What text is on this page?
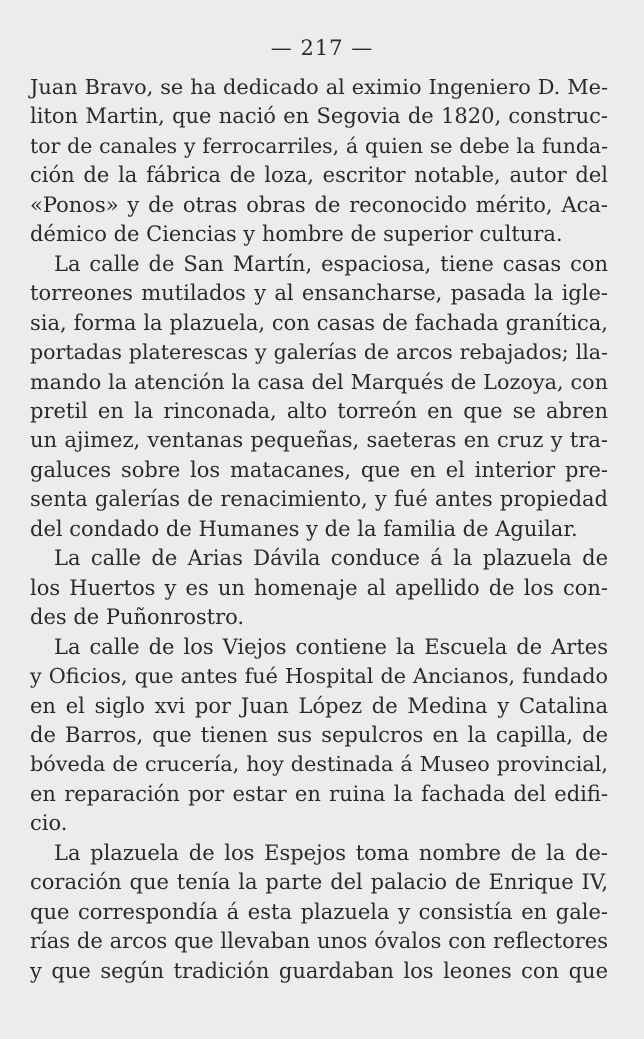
— 217 —
Juan Bravo, se ha dedicado al eximio Ingeniero D. Me-
liton Martin, que nació en Segovia de 1820, construc-
tor de canales y ferrocarriles, á quien se debe la funda-
ción de la fábrica de loza, escritor notable, autor del
«Ponos» y de otras obras de reconocido mérito, Aca-
démico de Ciencias y hombre de superior cultura.
La calle de San Martín, espaciosa, tiene casas con
torreones mutilados y al ensancharse, pasada la igle-
sia, forma la plazuela, con casas de fachada granítica,
portadas platerescas y galerías de arcos rebajados; lla-
mando la atención la casa del Marqués de Lozoya, con
pretil en la rinconada, alto torreón en que se abren
un ajimez, ventanas pequeñas, saeteras en cruz y tra-
galuces sobre los matacanes, que en el interior pre-
senta galerías de renacimiento, y fué antes propiedad
del condado de Humanes y de la familia de Aguilar.
La calle de Arias Dávila conduce á la plazuela de
los Huertos y es un homenaje al apellido de los con-
des de Puñonrostro.
La calle de los Viejos contiene la Escuela de Artes
y Oficios, que antes fué Hospital de Ancianos, fundado
en el siglo xvi por Juan López de Medina y Catalina
de Barros, que tienen sus sepulcros en la capilla, de
bóveda de crucería, hoy destinada á Museo provincial,
en reparación por estar en ruina la fachada del edifi-
cio.
La plazuela de los Espejos toma nombre de la de-
coración que tenía la parte del palacio de Enrique IV,
que correspondía á esta plazuela y consistía en gale-
rías de arcos que llevaban unos óvalos con reflectores
y que según tradición guardaban los leones con que
